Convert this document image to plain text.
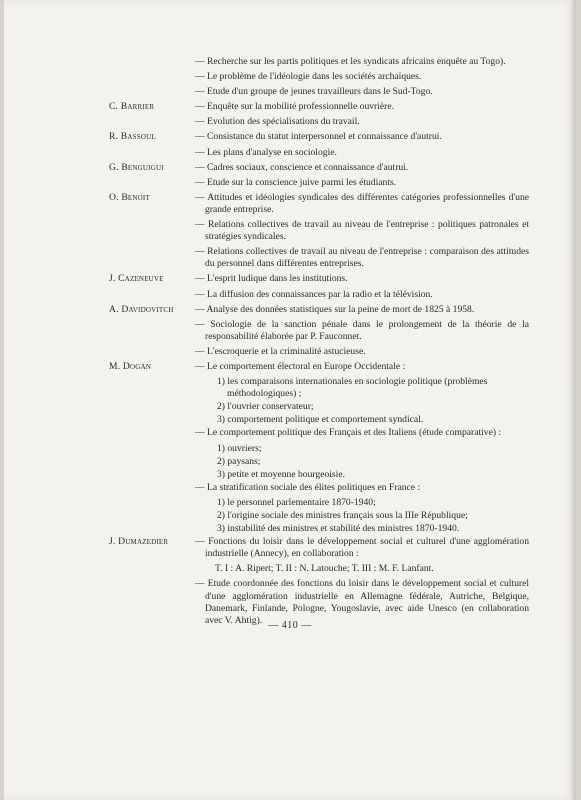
— Recherche sur les partis politiques et les syndicats africains enquête au Togo).
— Le problème de l'idéologie dans les sociétés archaïques.
— Etude d'un groupe de jeunes travailleurs dans le Sud-Togo.
C. Barrier	— Enquête sur la mobilité professionnelle ouvrière.
— Evolution des spécialisations du travail.
R. Bassoul	— Consistance du statut interpersonnel et connaissance d'autrui.
— Les plans d'analyse en sociologie.
G. Benguigui	— Cadres sociaux, conscience et connaissance d'autrui.
— Etude sur la conscience juive parmi les étudiants.
O. Benoit	— Attitudes et idéologies syndicales des différentes catégories professionnelles d'une grande entreprise.
— Relations collectives de travail au niveau de l'entreprise : politiques patronales et stratégies syndicales.
— Relations collectives de travail au niveau de l'entreprise : comparaison des attitudes du personnel dans différentes entreprises.
J. Cazeneuve	— L'esprit ludique dans les institutions.
— La diffusion des connaissances par la radio et la télévision.
A. Davidovitch	— Analyse des données statistiques sur la peine de mort de 1825 à 1958.
— Sociologie de la sanction pénale dans le prolongement de la théorie de la responsabilité élaborée par P. Fauconnet.
— L'escroquerie et la criminalité astucieuse.
M. Dogan	— Le comportement électoral en Europe Occidentale :
1) les comparaisons internationales en sociologie politique (problèmes méthodologiques) ;
2) l'ouvrier conservateur;
3) comportement politique et comportement syndical.
— Le comportement politique des Français et des Italiens (étude comparative) :
1) ouvriers;
2) paysans;
3) petite et moyenne bourgeoisie.
— La stratification sociale des élites politiques en France :
1) le personnel parlementaire 1870-1940;
2) l'origine sociale des ministres français sous la IIIe République;
3) instabilité des ministres et stabilité des ministres 1870-1940.
J. Dumazedier	— Fonctions du loisir dans le développement social et culturel d'une agglomération industrielle (Annecy), en collaboration :
T. I : A. Ripert; T. II : N. Latouche; T. III : M. F. Lanfant.
— Etude coordonnée des fonctions du loisir dans le développement social et culturel d'une agglomération industrielle en Allemagne fédérale, Autriche, Belgique, Danemark, Finlande, Pologne, Yougoslavie, avec aide Unesco (en collaboration avec V. Ahtig). — 410 —
